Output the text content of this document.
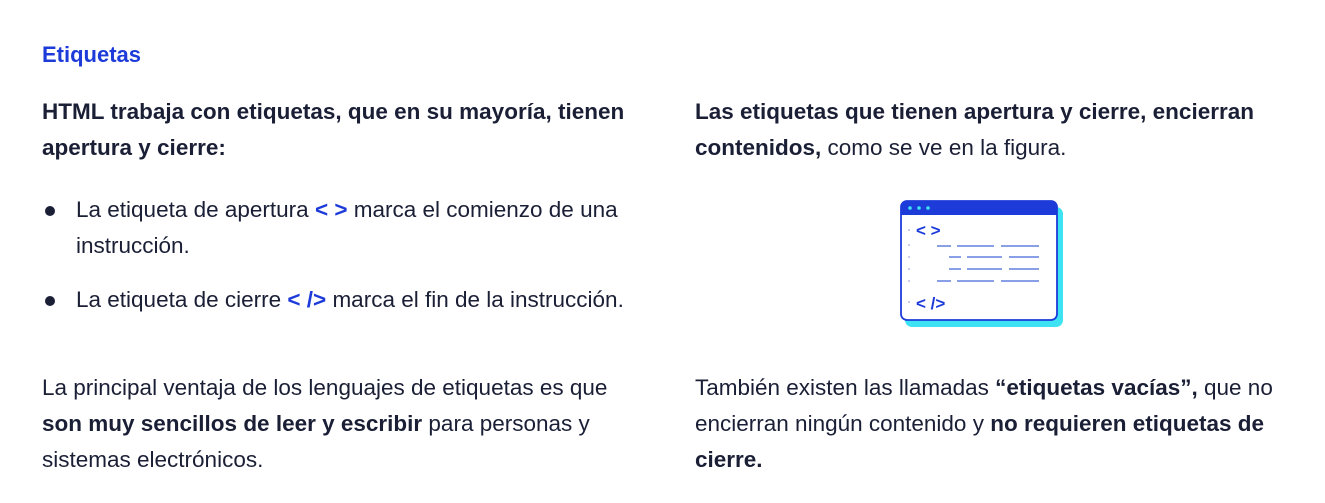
Etiquetas

HTML trabaja con etiquetas, que en su mayoría, tienen apertura y cierre:

La etiqueta de apertura < > marca el comienzo de una instrucción.
La etiqueta de cierre < /> marca el fin de la instrucción.

La principal ventaja de los lenguajes de etiquetas es que son muy sencillos de leer y escribir para personas y sistemas electrónicos.

Las etiquetas que tienen apertura y cierre, encierran contenidos, como se ve en la figura.

< >
< />

También existen las llamadas “etiquetas vacías”, que no encierran ningún contenido y no requieren etiquetas de cierre.
